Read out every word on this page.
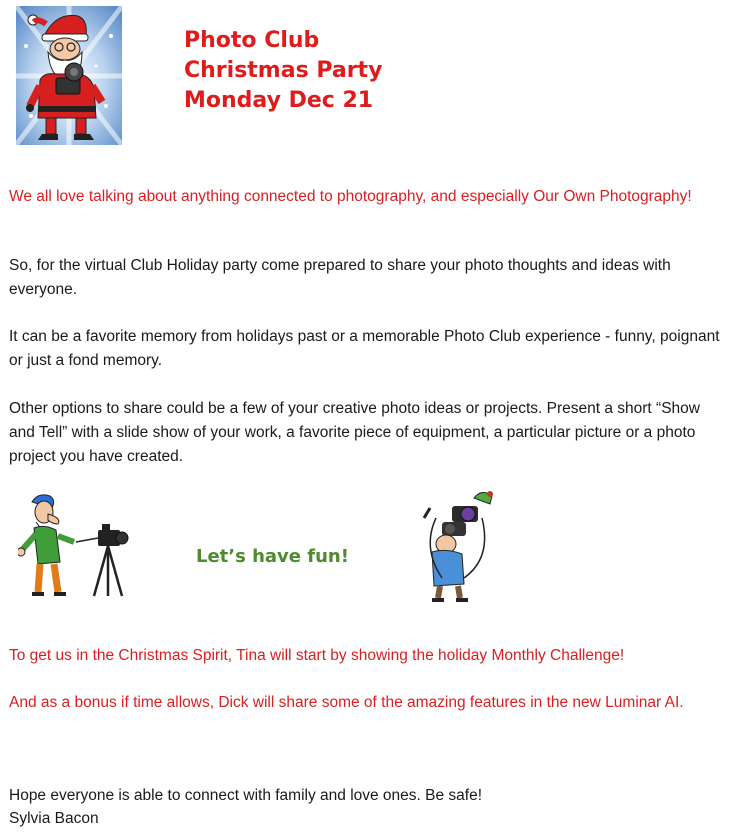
Photo Club
Christmas Party
Monday Dec 21
We all love talking about anything connected to photography, and especially Our Own Photography!
So, for the virtual Club Holiday party come prepared to share your photo thoughts and ideas with everyone.
It can be a favorite memory from holidays past or a memorable Photo Club experience - funny, poignant or just a fond memory.
Other options to share could be a few of your creative photo ideas or projects. Present a short “Show and Tell” with a slide show of your work, a favorite piece of equipment, a particular picture or a photo project you have created.
Let’s have fun!
To get us in the Christmas Spirit, Tina will start by showing the holiday Monthly Challenge!
And as a bonus if time allows, Dick will share some of the amazing features in the new Luminar AI.
Hope everyone is able to connect with family and love ones. Be safe!
Sylvia Bacon
